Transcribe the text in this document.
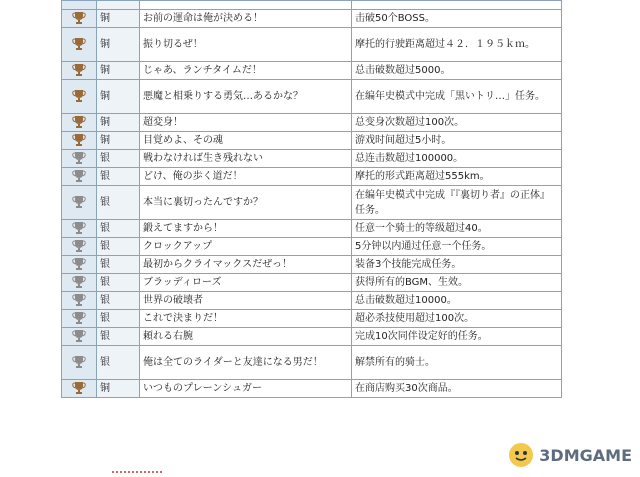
	铜	お前の運命は俺が決める！	击破50个BOSS。
	铜	振り切るぜ！	摩托的行驶距离超过４２．１９５ｋｍ。
	铜	じゃあ、ランチタイムだ！	总击破数超过5000。
	铜	悪魔と相乗りする勇気…あるかな？	在编年史模式中完成「黒いトリ…」任务。
	铜	超変身！	总变身次数超过100次。
	铜	目覚めよ、その魂	游戏时间超过5小时。
	银	戦わなければ生き残れない	总连击数超过100000。
	银	どけ、俺の歩く道だ！	摩托的形式距离超过555km。
	银	本当に裏切ったんですか？	在编年史模式中完成『『裏切り者』の正体』任务。
	银	鍛えてますから！	任意一个骑士的等级超过40。
	银	クロックアップ	5分钟以内通过任意一个任务。
	银	最初からクライマックスだぜっ！	装备3个技能完成任务。
	银	ブラッディローズ	获得所有的BGM、生效。
	银	世界の破壊者	总击破数超过10000。
	银	これで決まりだ！	超必杀技使用超过100次。
	银	頼れる右腕	完成10次同伴设定好的任务。
	银	俺は全てのライダーと友達になる男だ！	解禁所有的骑士。
	铜	いつものプレーンシュガー	在商店购买30次商品。
3DMGAME
